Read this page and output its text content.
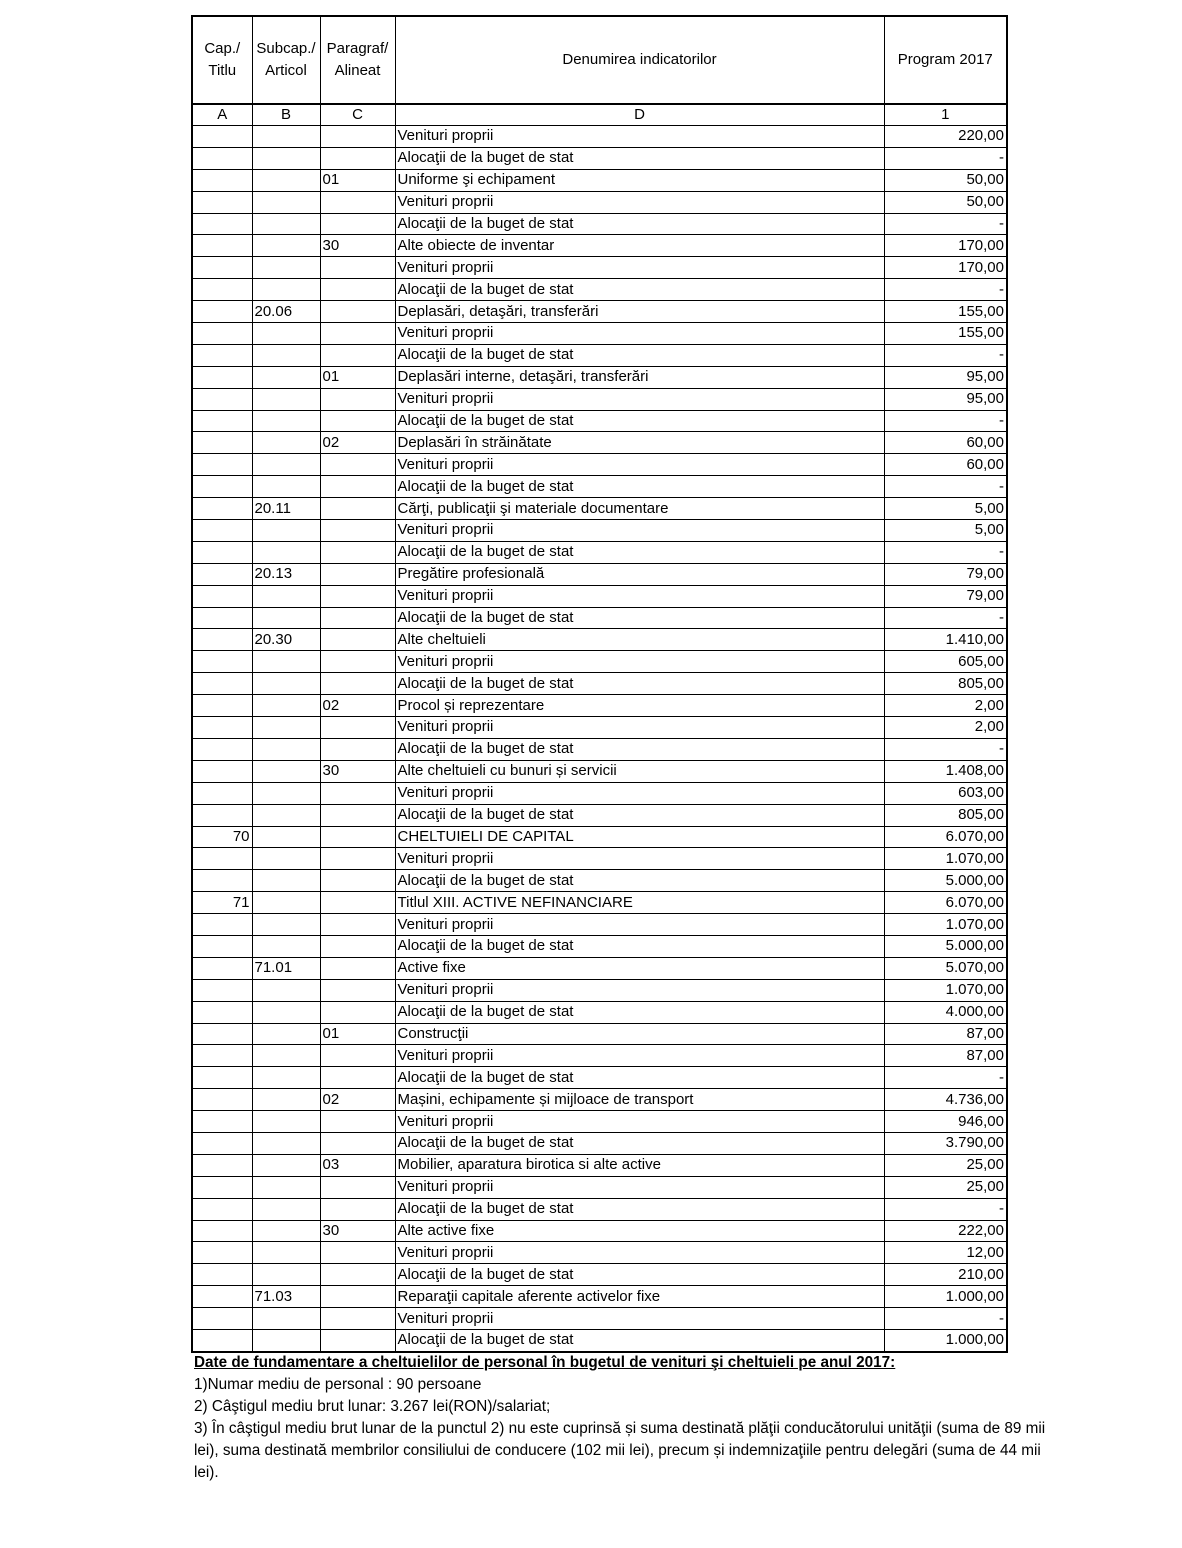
Cap./ Titlu	Subcap./ Articol	Paragraf/ Alineat	Denumirea indicatorilor	Program 2017
A	B	C	D	1
			Venituri proprii	220,00
			Alocaţii de la buget de stat	-
		01	Uniforme şi echipament	50,00
			Venituri proprii	50,00
			Alocaţii de la buget de stat	-
		30	Alte obiecte de inventar	170,00
			Venituri proprii	170,00
			Alocaţii de la buget de stat	-
	20.06		Deplasări, detaşări, transferări	155,00
			Venituri proprii	155,00
			Alocaţii de la buget de stat	-
		01	Deplasări interne, detaşări, transferări	95,00
			Venituri proprii	95,00
			Alocaţii de la buget de stat	-
		02	Deplasări în străinătate	60,00
			Venituri proprii	60,00
			Alocaţii de la buget de stat	-
	20.11		Cărţi, publicaţii şi materiale documentare	5,00
			Venituri proprii	5,00
			Alocaţii de la buget de stat	-
	20.13		Pregătire profesională	79,00
			Venituri proprii	79,00
			Alocaţii de la buget de stat	-
	20.30		Alte cheltuieli	1.410,00
			Venituri proprii	605,00
			Alocaţii de la buget de stat	805,00
		02	Procol și reprezentare	2,00
			Venituri proprii	2,00
			Alocaţii de la buget de stat	-
		30	Alte cheltuieli cu bunuri și servicii	1.408,00
			Venituri proprii	603,00
			Alocaţii de la buget de stat	805,00
70			CHELTUIELI DE CAPITAL	6.070,00
			Venituri proprii	1.070,00
			Alocaţii de la buget de stat	5.000,00
71			Titlul XIII. ACTIVE NEFINANCIARE	6.070,00
			Venituri proprii	1.070,00
			Alocaţii de la buget de stat	5.000,00
	71.01		Active fixe	5.070,00
			Venituri proprii	1.070,00
			Alocaţii de la buget de stat	4.000,00
		01	Construcţii	87,00
			Venituri proprii	87,00
			Alocaţii de la buget de stat	-
		02	Mașini, echipamente și mijloace de transport	4.736,00
			Venituri proprii	946,00
			Alocaţii de la buget de stat	3.790,00
		03	Mobilier, aparatura birotica si alte active	25,00
			Venituri proprii	25,00
			Alocaţii de la buget de stat	-
		30	Alte active fixe	222,00
			Venituri proprii	12,00
			Alocaţii de la buget de stat	210,00
	71.03		Reparaţii capitale aferente activelor fixe	1.000,00
			Venituri proprii	-
			Alocaţii de la buget de stat	1.000,00
Date de fundamentare a cheltuielilor de personal în bugetul de venituri şi cheltuieli pe anul 2017:
1)Numar mediu de personal : 90 persoane
2) Câştigul mediu brut lunar: 3.267 lei(RON)/salariat;
3) În câştigul mediu brut lunar de la punctul 2) nu este cuprinsă și suma destinată plăţii conducătorului unităţii (suma de 89 mii lei), suma destinată membrilor consiliului de conducere (102 mii lei), precum și indemnizaţiile pentru delegări (suma de 44 mii lei).
